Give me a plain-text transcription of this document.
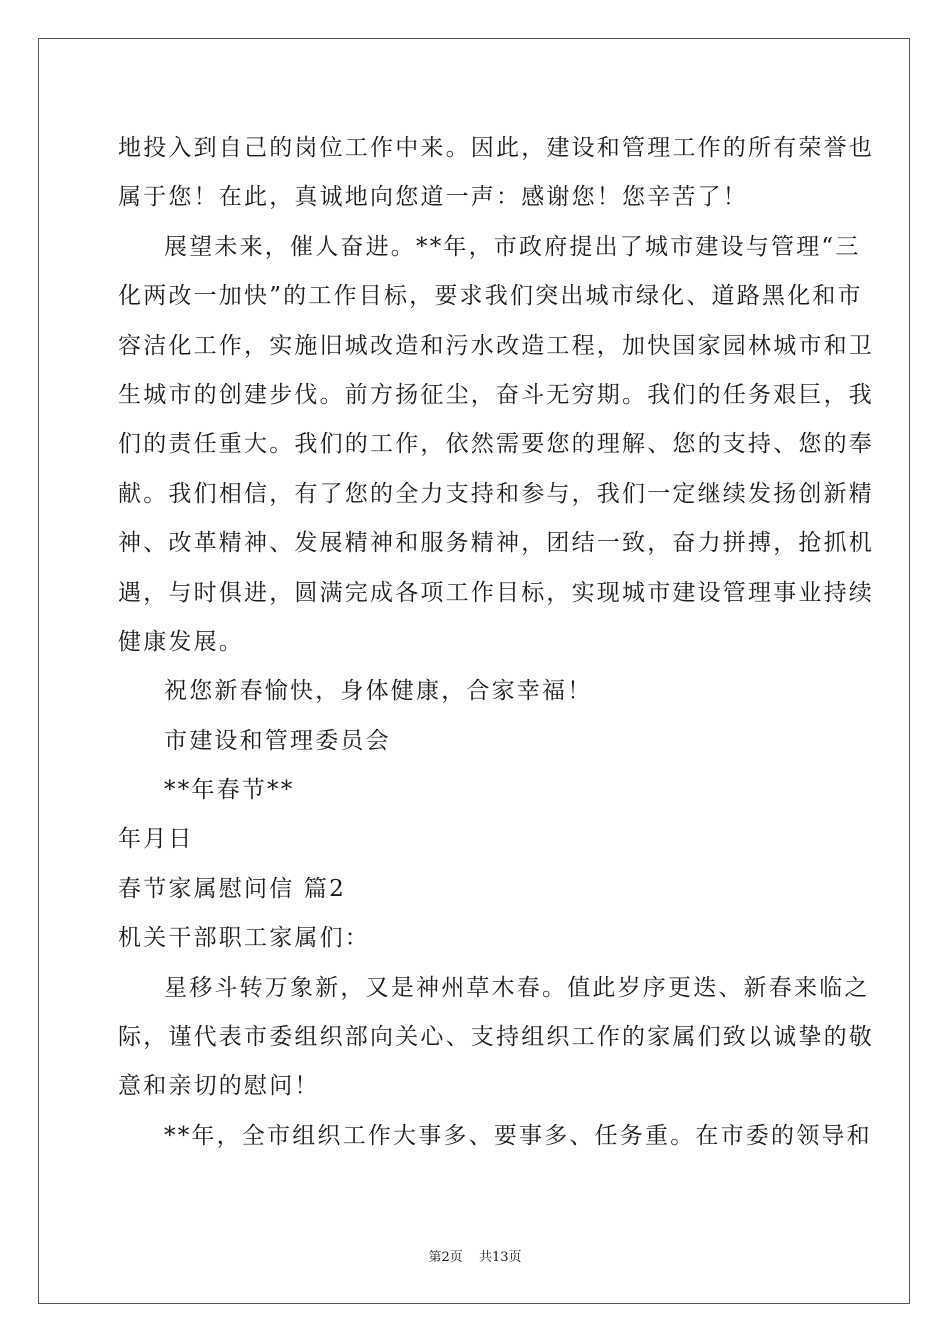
地投入到自己的岗位工作中来。因此，建设和管理工作的所有荣誉也
属于您！在此，真诚地向您道一声：感谢您！您辛苦了！
展望未来，催人奋进。**年，市政府提出了城市建设与管理“三
化两改一加快”的工作目标，要求我们突出城市绿化、道路黑化和市
容洁化工作，实施旧城改造和污水改造工程，加快国家园林城市和卫
生城市的创建步伐。前方扬征尘，奋斗无穷期。我们的任务艰巨，我
们的责任重大。我们的工作，依然需要您的理解、您的支持、您的奉
献。我们相信，有了您的全力支持和参与，我们一定继续发扬创新精
神、改革精神、发展精神和服务精神，团结一致，奋力拼搏，抢抓机
遇，与时俱进，圆满完成各项工作目标，实现城市建设管理事业持续
健康发展。
祝您新春愉快，身体健康，合家幸福！
市建设和管理委员会
**年春节**
年月日
春节家属慰问信 篇2
机关干部职工家属们：
星移斗转万象新，又是神州草木春。值此岁序更迭、新春来临之
际，谨代表市委组织部向关心、支持组织工作的家属们致以诚挚的敬
意和亲切的慰问！
**年，全市组织工作大事多、要事多、任务重。在市委的领导和
第2页 共13页
